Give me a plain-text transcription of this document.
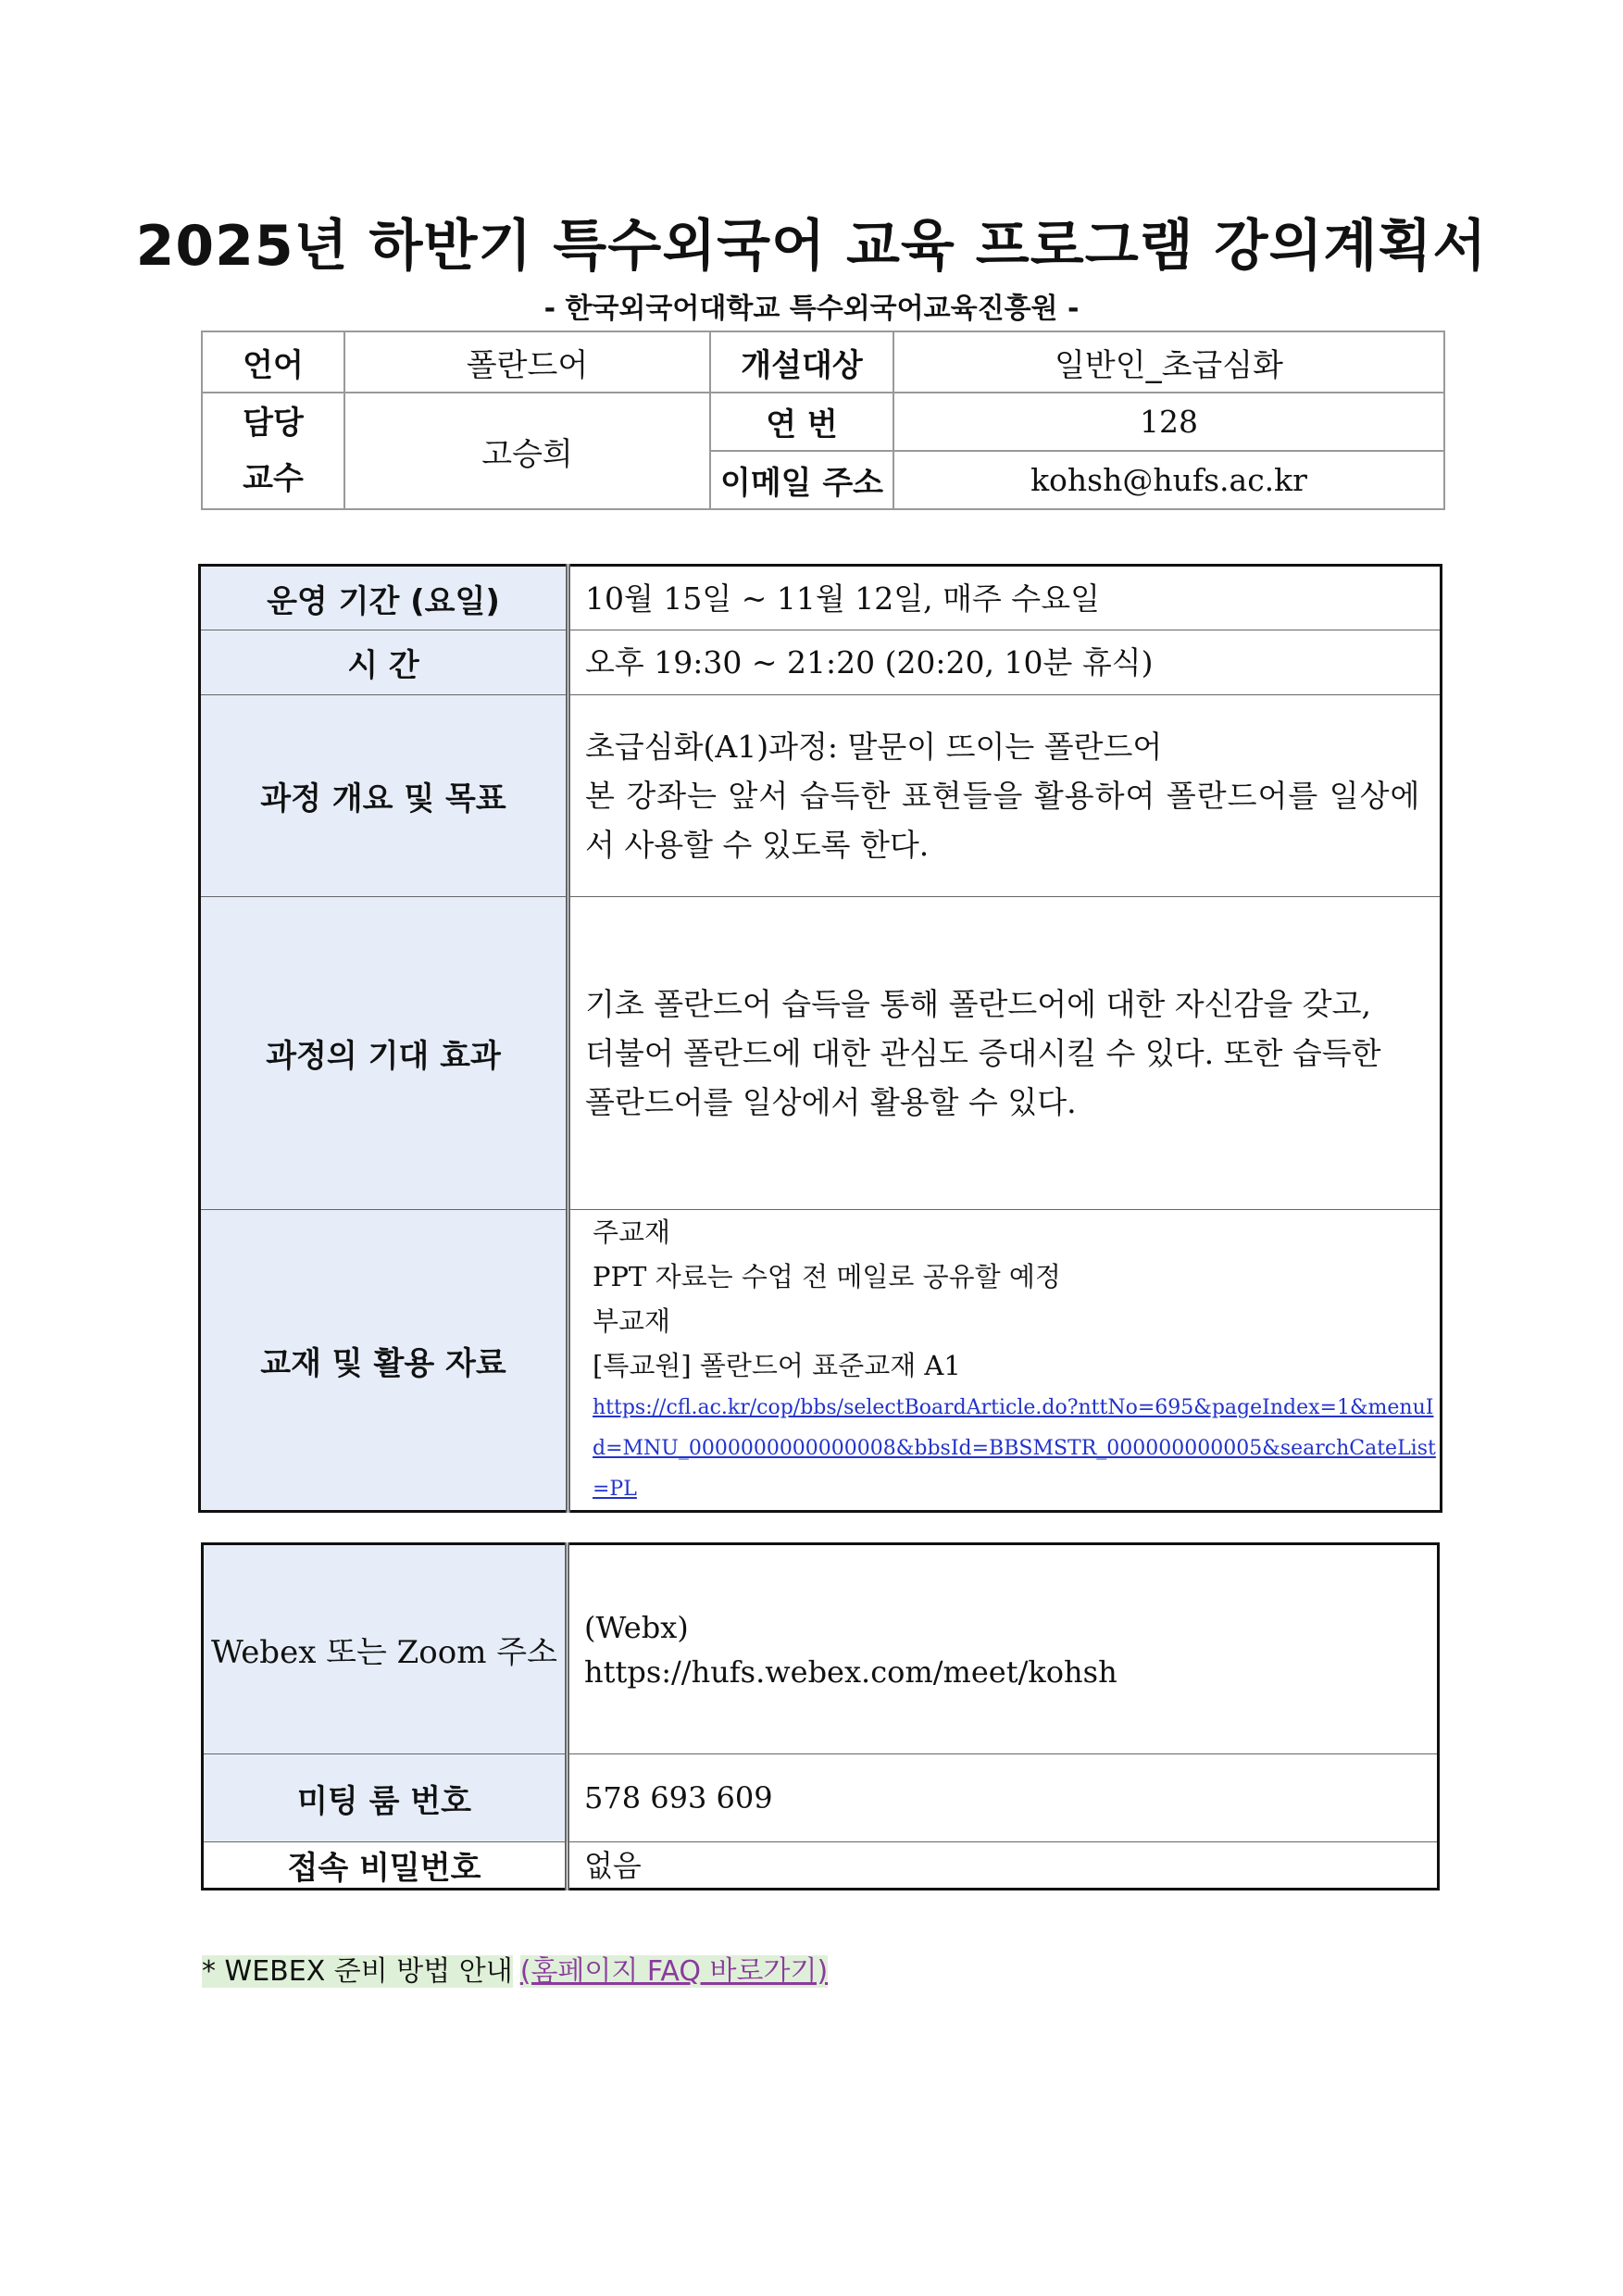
2025년 하반기 특수외국어 교육 프로그램 강의계획서
- 한국외국어대학교 특수외국어교육진흥원 -
언어	폴란드어	개설대상	일반인_초급심화
담당
교수	고승희	연 번	128
		이메일 주소	kohsh@hufs.ac.kr
운영 기간 (요일)	10월 15일 ~ 11월 12일, 매주 수요일
시 간	오후 19:30 ~ 21:20 (20:20, 10분 휴식)
과정 개요 및 목표	초급심화(A1)과정: 말문이 뜨이는 폴란드어
본 강좌는 앞서 습득한 표현들을 활용하여 폴란드어를 일상에
서 사용할 수 있도록 한다.

과정의 기대 효과	기초 폴란드어 습득을 통해 폴란드어에 대한 자신감을 갖고,
더불어 폴란드에 대한 관심도 증대시킬 수 있다. 또한 습득한
폴란드어를 일상에서 활용할 수 있다.

교재 및 활용 자료	주교재
PPT 자료는 수업 전 메일로 공유할 예정
부교재
[특교원] 폴란드어 표준교재 A1
https://cfl.ac.kr/cop/bbs/selectBoardArticle.do?nttNo=695&pageIndex=1&menuId=MNU_0000000000000008&bbsId=BBSMSTR_000000000005&searchCateList=PL
Webex 또는 Zoom 주소	(Webx)
https://hufs.webex.com/meet/kohsh

미팅 룸 번호	578 693 609
접속 비밀번호	없음
* WEBEX 준비 방법 안내 (홈페이지 FAQ 바로가기)
